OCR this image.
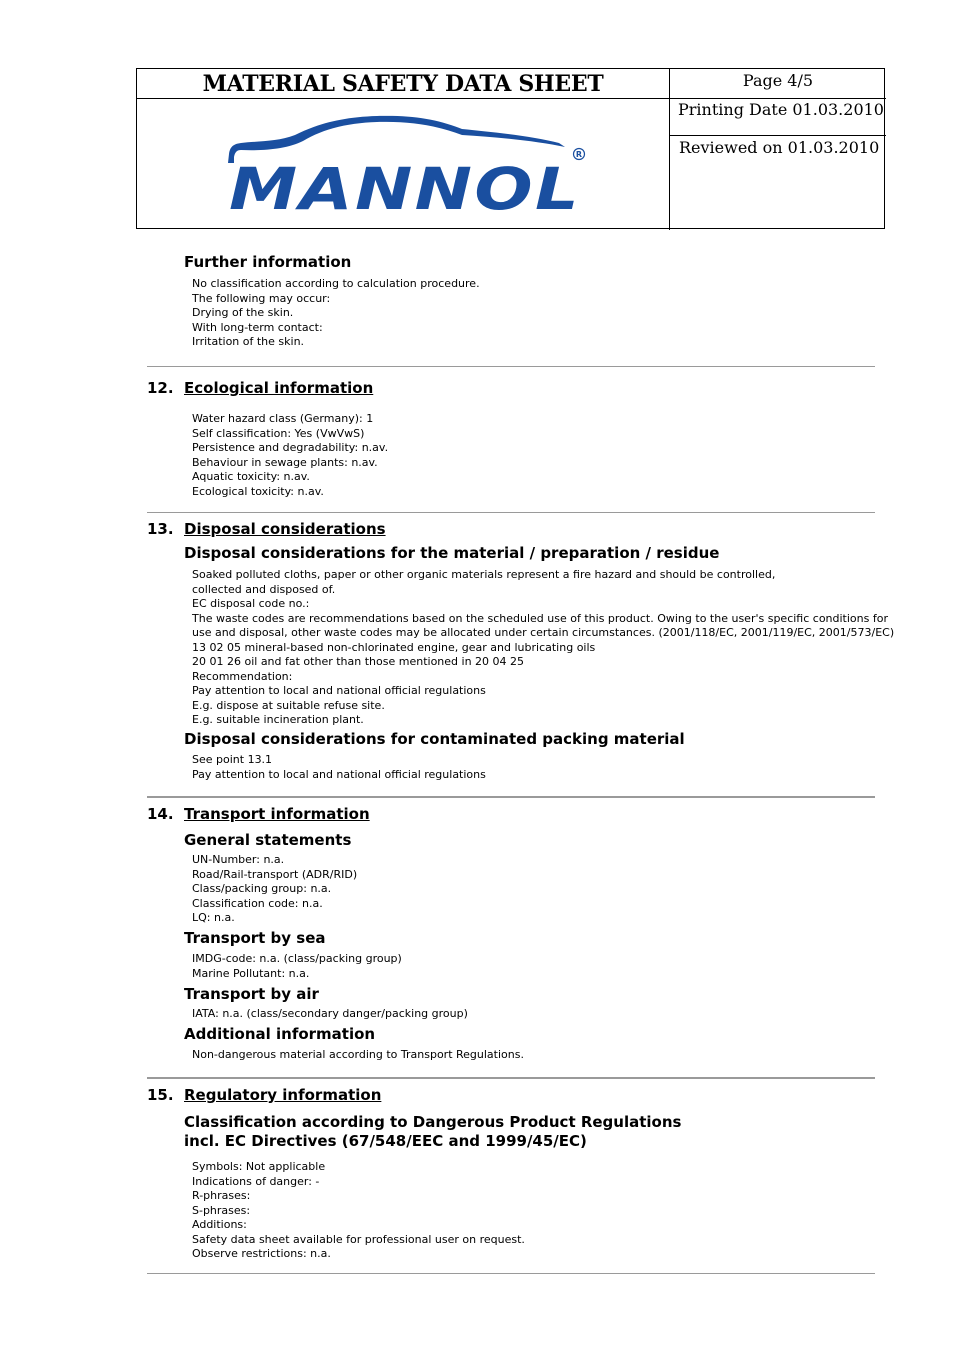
MATERIAL SAFETY DATA SHEET
MANNOL
R
Page 4/5
Printing Date 01.03.2010
Reviewed on 01.03.2010
Further information
No classification according to calculation procedure.
The following may occur:
Drying of the skin.
With long-term contact:
Irritation of the skin.
12. Ecological information
Water hazard class (Germany): 1
Self classification: Yes (VwVwS)
Persistence and degradability: n.av.
Behaviour in sewage plants: n.av.
Aquatic toxicity: n.av.
Ecological toxicity: n.av.
13. Disposal considerations
Disposal considerations for the material / preparation / residue
Soaked polluted cloths, paper or other organic materials represent a fire hazard and should be controlled,
collected and disposed of.
EC disposal code no.:
The waste codes are recommendations based on the scheduled use of this product. Owing to the user's specific conditions for
use and disposal, other waste codes may be allocated under certain circumstances. (2001/118/EC, 2001/119/EC, 2001/573/EC)
13 02 05 mineral-based non-chlorinated engine, gear and lubricating oils
20 01 26 oil and fat other than those mentioned in 20 04 25
Recommendation:
Pay attention to local and national official regulations
E.g. dispose at suitable refuse site.
E.g. suitable incineration plant.
Disposal considerations for contaminated packing material
See point 13.1
Pay attention to local and national official regulations
14. Transport information
General statements
UN-Number: n.a.
Road/Rail-transport (ADR/RID)
Class/packing group: n.a.
Classification code: n.a.
LQ: n.a.
Transport by sea
IMDG-code: n.a. (class/packing group)
Marine Pollutant: n.a.
Transport by air
IATA: n.a. (class/secondary danger/packing group)
Additional information
Non-dangerous material according to Transport Regulations.
15. Regulatory information
Classification according to Dangerous Product Regulations
incl. EC Directives (67/548/EEC and 1999/45/EC)
Symbols: Not applicable
Indications of danger: -
R-phrases:
S-phrases:
Additions:
Safety data sheet available for professional user on request.
Observe restrictions: n.a.
